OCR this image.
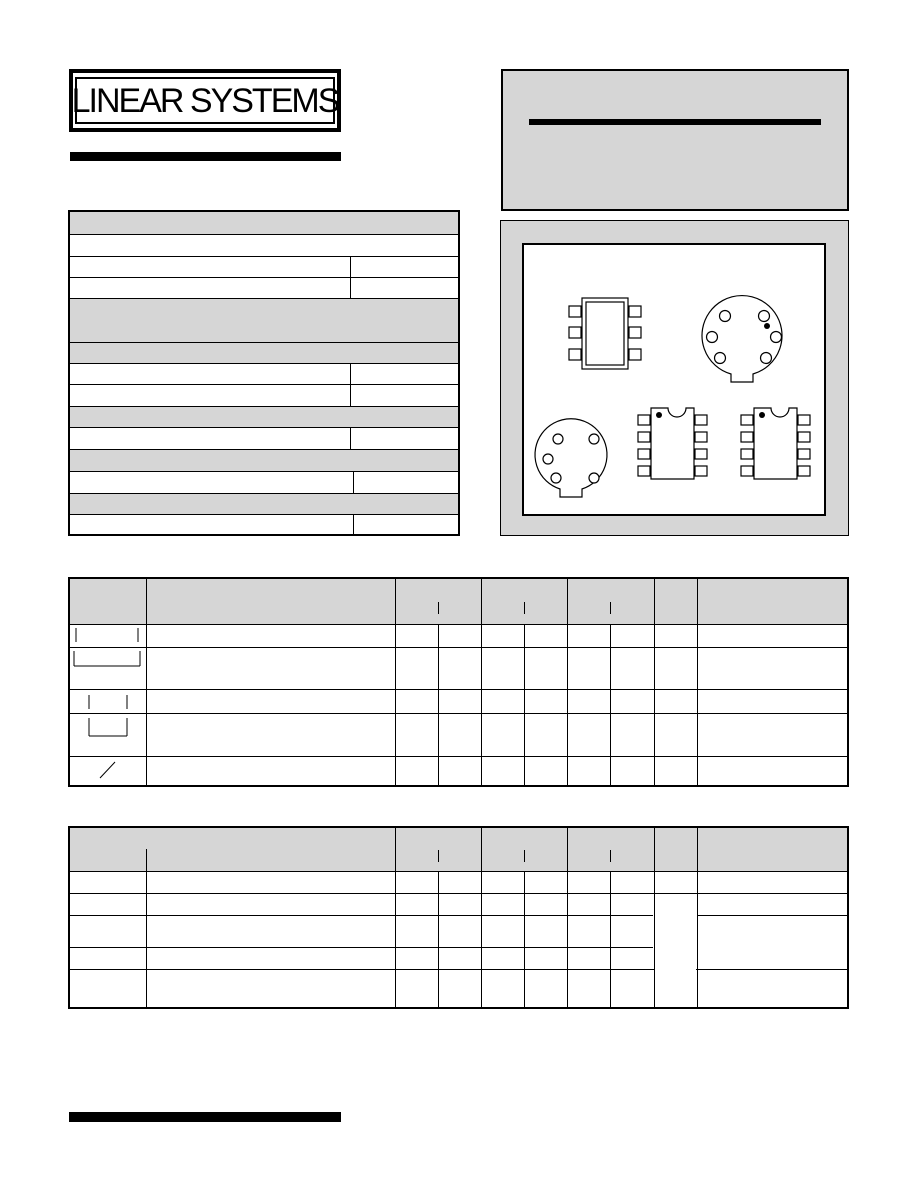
LINEAR SYSTEMS
